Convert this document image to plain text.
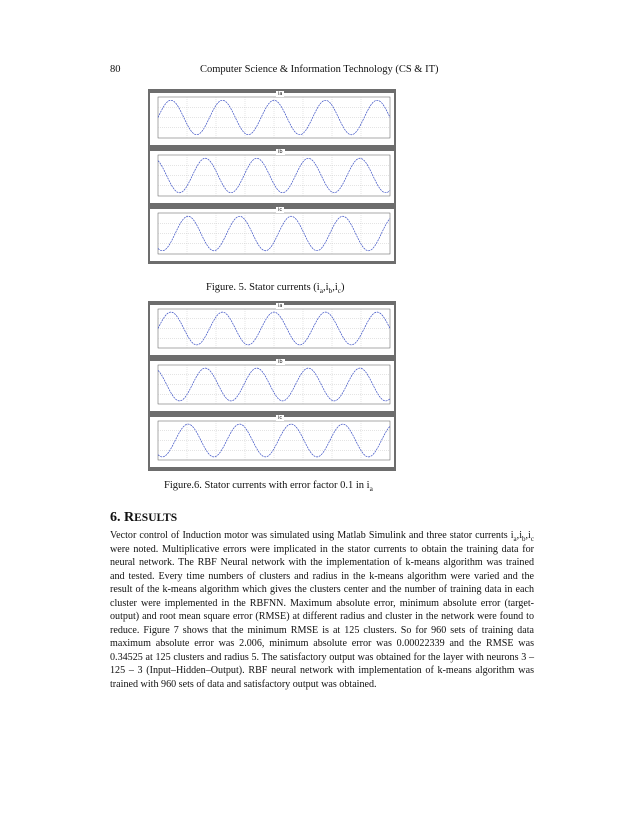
80	Computer Science & Information Technology (CS & IT)
ia
ib
ic
Figure. 5. Stator currents $(i_a,i_b,i_c)$
ia
ib
ic
Figure.6. Stator currents with error factor 0.1 in $i_a$
6. RESULTS
Vector control of Induction motor was simulated using Matlab Simulink and three stator currents $i_a,i_b,i_c$ were noted. Multiplicative errors were implicated in the stator currents to obtain the training data for neural network. The RBF Neural network with the implementation of k-means algorithm was trained and tested. Every time numbers of clusters and radius in the k-means algorithm were varied and the result of the k-means algorithm which gives the clusters center and the number of training data in each cluster were implemented in the RBFNN. Maximum absolute error, minimum absolute error (target- output) and root mean square error (RMSE) at different radius and cluster in the network were found to reduce. Figure 7 shows that the minimum RMSE is at 125 clusters. So for 960 sets of training data maximum absolute error was 2.006, minimum absolute error was 0.00022339 and the RMSE was 0.34525 at 125 clusters and radius 5. The satisfactory output was obtained for the layer with neurons 3 – 125 – 3 (Input–Hidden–Output). RBF neural network with implementation of k-means algorithm was trained with 960 sets of data and satisfactory output was obtained.
